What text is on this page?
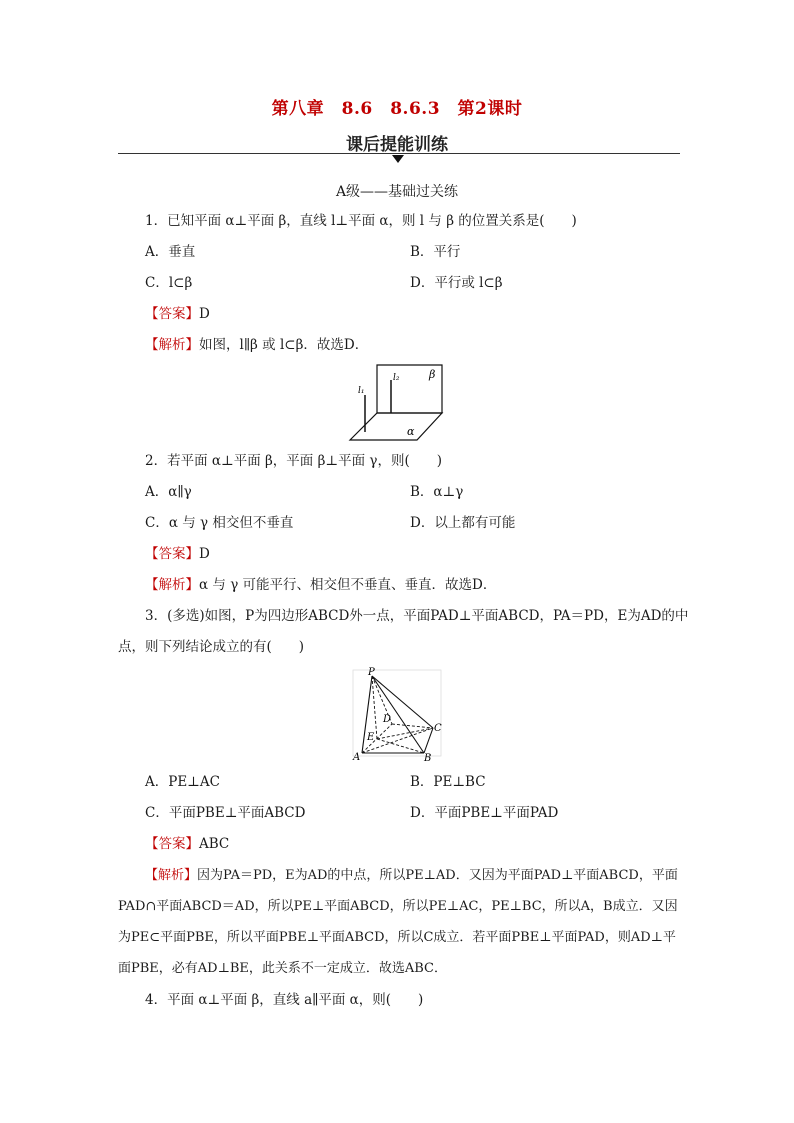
第八章　8.6　8.6.3　第2课时
课后提能训练
A级——基础过关练
1．已知平面 α⊥平面 β，直线 l⊥平面 α，则 l 与 β 的位置关系是(　　)
A．垂直	B．平行
C．l⊂β	D．平行或 l⊂β
【答案】D
【解析】如图，l∥β 或 l⊂β．故选D．
β
α
l₁
l₂
2．若平面 α⊥平面 β，平面 β⊥平面 γ，则(　　)
A．α∥γ	B．α⊥γ
C．α 与 γ 相交但不垂直	D．以上都有可能
【答案】D
【解析】α 与 γ 可能平行、相交但不垂直、垂直．故选D．
3．(多选)如图，P为四边形ABCD外一点，平面PAD⊥平面ABCD，PA＝PD，E为AD的中
点，则下列结论成立的有(　　)
P
A	B
C
D
E
A．PE⊥AC	B．PE⊥BC
C．平面PBE⊥平面ABCD	D．平面PBE⊥平面PAD
【答案】ABC
【解析】因为PA＝PD，E为AD的中点，所以PE⊥AD．又因为平面PAD⊥平面ABCD，平面PAD∩平面ABCD＝AD，所以PE⊥平面ABCD，所以PE⊥AC，PE⊥BC，所以A，B成立．又因为PE⊂平面PBE，所以平面PBE⊥平面ABCD，所以C成立．若平面PBE⊥平面PAD，则AD⊥平面PBE，必有AD⊥BE，此关系不一定成立．故选ABC．
4．平面 α⊥平面 β，直线 a∥平面 α，则(　　)
